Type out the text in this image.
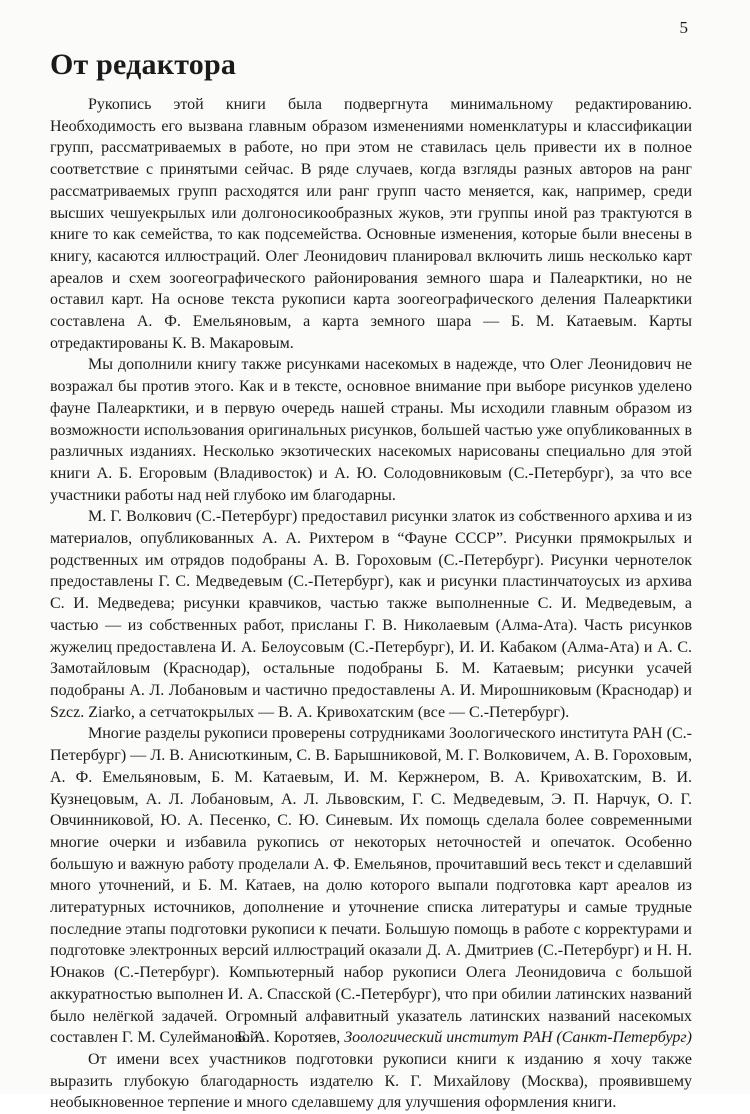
5
От редактора

Рукопись этой книги была подвергнута минимальному редактированию. Необходимость его вызвана главным образом изменениями номенклатуры и классификации групп, рассматриваемых в работе, но при этом не ставилась цель привести их в полное соответствие с принятыми сейчас. В ряде случаев, когда взгляды разных авторов на ранг рассматриваемых групп расходятся или ранг групп часто меняется, как, например, среди высших чешуекрылых или долгоносикообразных жуков, эти группы иной раз трактуются в книге то как семейства, то как подсемейства. Основные изменения, которые были внесены в книгу, касаются иллюстраций. Олег Леонидович планировал включить лишь несколько карт ареалов и схем зоогеографического районирования земного шара и Палеарктики, но не оставил карт. На основе текста рукописи карта зоогеографического деления Палеарктики составлена А. Ф. Емельяновым, а карта земного шара — Б. М. Катаевым. Карты отредактированы К. В. Макаровым.

Мы дополнили книгу также рисунками насекомых в надежде, что Олег Леонидович не возражал бы против этого. Как и в тексте, основное внимание при выборе рисунков уделено фауне Палеарктики, и в первую очередь нашей страны. Мы исходили главным образом из возможности использования оригинальных рисунков, большей частью уже опубликованных в различных изданиях. Несколько экзотических насекомых нарисованы специально для этой книги А. Б. Егоровым (Владивосток) и А. Ю. Солодовниковым (С.-Петербург), за что все участники работы над ней глубоко им благодарны.

М. Г. Волкович (С.-Петербург) предоставил рисунки златок из собственного архива и из материалов, опубликованных А. А. Рихтером в “Фауне СССР”. Рисунки прямокрылых и родственных им отрядов подобраны А. В. Гороховым (С.-Петербург). Рисунки чернотелок предоставлены Г. С. Медведевым (С.-Петербург), как и рисунки пластинчатоусых из архива С. И. Медведева; рисунки кравчиков, частью также выполненные С. И. Медведевым, а частью — из собственных работ, присланы Г. В. Николаевым (Алма-Ата). Часть рисунков жужелиц предоставлена И. А. Белоусовым (С.-Петербург), И. И. Кабаком (Алма-Ата) и А. С. Замотайловым (Краснодар), остальные подобраны Б. М. Катаевым; рисунки усачей подобраны А. Л. Лобановым и частично предоставлены А. И. Мирошниковым (Краснодар) и Szcz. Ziarko, а сетчатокрылых — В. А. Кривохатским (все — С.-Петербург).

Многие разделы рукописи проверены сотрудниками Зоологического института РАН (С.-Петербург) — Л. В. Анисюткиным, С. В. Барышниковой, М. Г. Волковичем, А. В. Гороховым, А. Ф. Емельяновым, Б. М. Катаевым, И. М. Кержнером, В. А. Кривохатским, В. И. Кузнецовым, А. Л. Лобановым, А. Л. Львовским, Г. С. Медведевым, Э. П. Нарчук, О. Г. Овчинниковой, Ю. А. Песенко, С. Ю. Синевым. Их помощь сделала более современными многие очерки и избавила рукопись от некоторых неточностей и опечаток. Особенно большую и важную работу проделали А. Ф. Емельянов, прочитавший весь текст и сделавший много уточнений, и Б. М. Катаев, на долю которого выпали подготовка карт ареалов из литературных источников, дополнение и уточнение списка литературы и самые трудные последние этапы подготовки рукописи к печати. Большую помощь в работе с корректурами и подготовке электронных версий иллюстраций оказали Д. А. Дмитриев (С.-Петербург) и Н. Н. Юнаков (С.-Петербург). Компьютерный набор рукописи Олега Леонидовича с большой аккуратностью выполнен И. А. Спасской (С.-Петербург), что при обилии латинских названий было нелёгкой задачей. Огромный алфавитный указатель латинских названий насекомых составлен Г. М. Сулеймановой.

От имени всех участников подготовки рукописи книги к изданию я хочу также выразить глубокую благодарность издателю К. Г. Михайлову (Москва), проявившему необыкновенное терпение и много сделавшему для улучшения оформления книги.

Б. А. Коротяев, Зоологический институт РАН (Санкт-Петербург)
